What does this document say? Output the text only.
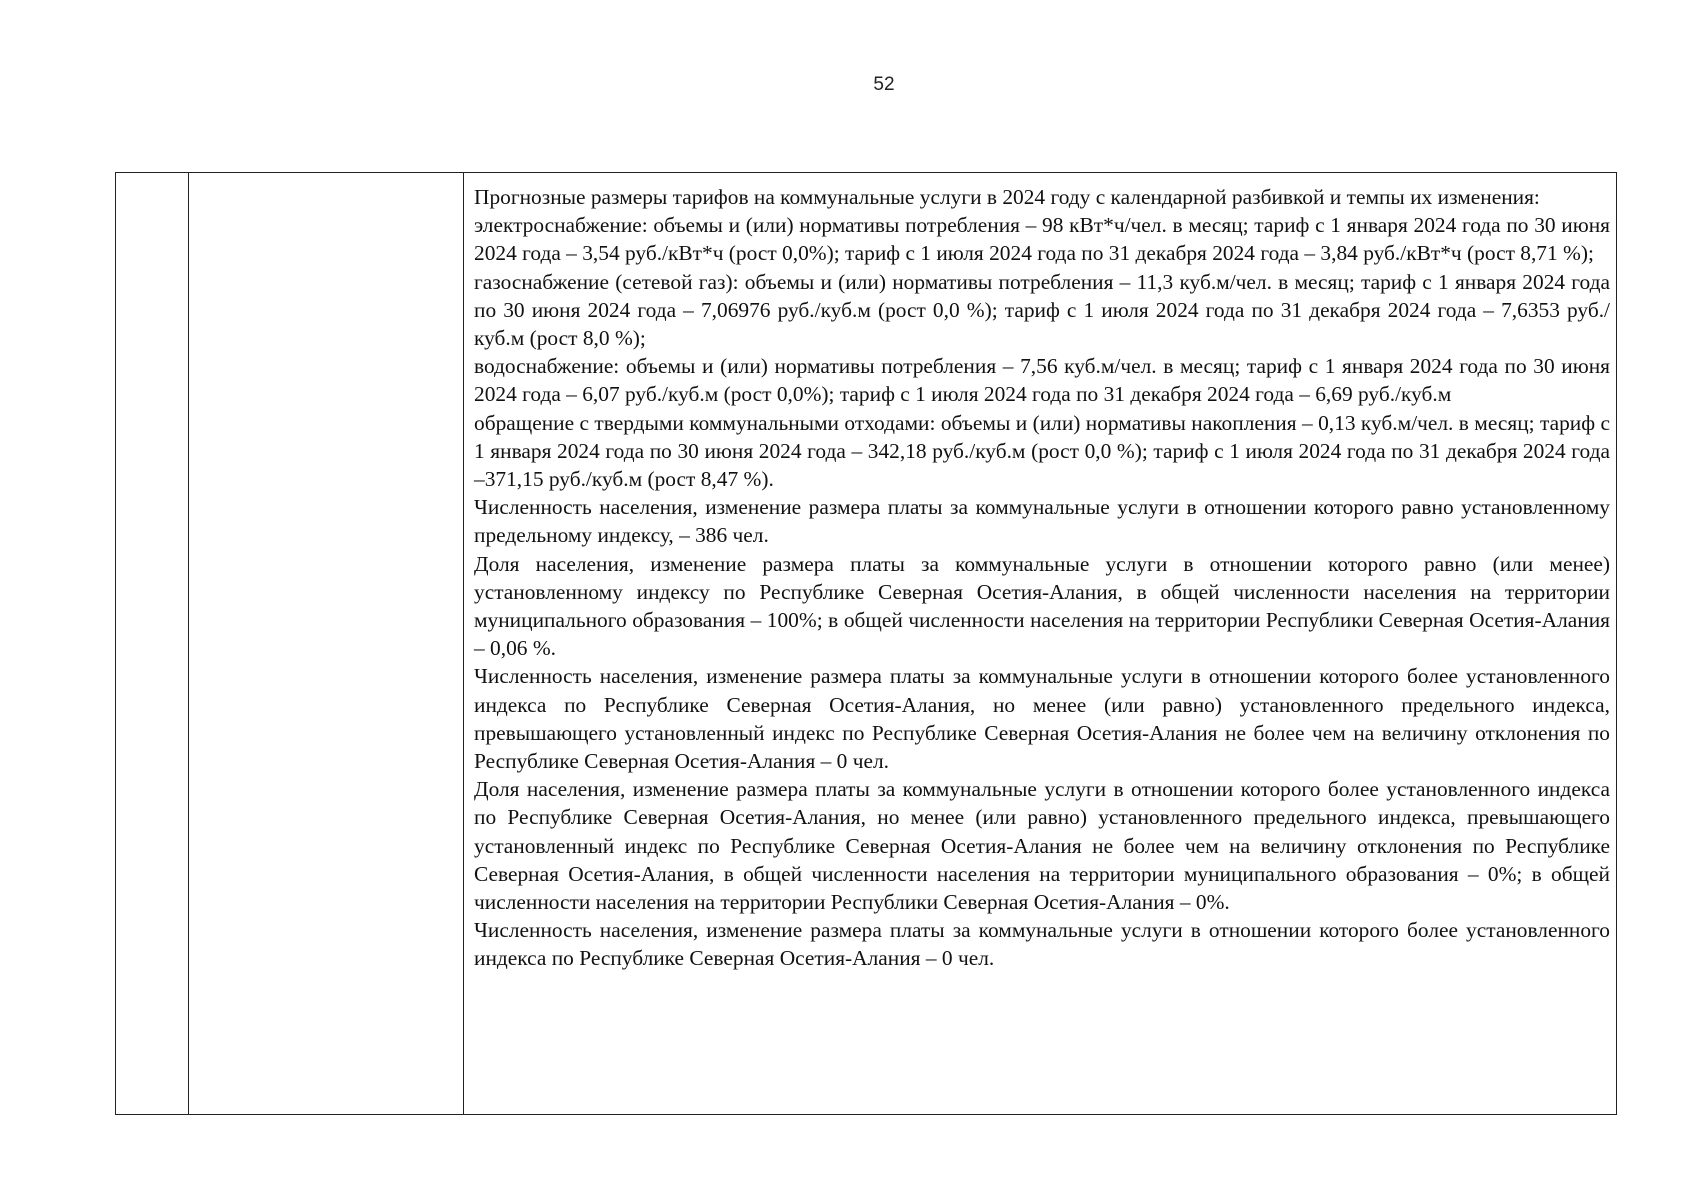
52

Прогнозные размеры тарифов на коммунальные услуги в 2024 году с календарной разбивкой и темпы их изменения:

электроснабжение: объемы и (или) нормативы потребления – 98 кВт*ч/чел. в месяц; тариф с 1 января 2024 года по 30 июня 2024 года – 3,54 руб./кВт*ч (рост 0,0%); тариф с 1 июля 2024 года по 31 декабря 2024 года – 3,84 руб./кВт*ч (рост 8,71 %);

газоснабжение (сетевой газ): объемы и (или) нормативы потребления – 11,3 куб.м/чел. в месяц; тариф с 1 января 2024 года по 30 июня 2024 года – 7,06976 руб./куб.м (рост 0,0 %); тариф с 1 июля 2024 года по 31 декабря 2024 года – 7,6353 руб./куб.м (рост 8,0 %);

водоснабжение: объемы и (или) нормативы потребления – 7,56 куб.м/чел. в месяц; тариф с 1 января 2024 года по 30 июня 2024 года – 6,07 руб./куб.м (рост 0,0%); тариф с 1 июля 2024 года по 31 декабря 2024 года – 6,69 руб./куб.м

обращение с твердыми коммунальными отходами: объемы и (или) нормативы накопления – 0,13 куб.м/чел. в месяц; тариф с 1 января 2024 года по 30 июня 2024 года – 342,18 руб./куб.м (рост 0,0 %); тариф с 1 июля 2024 года по 31 декабря 2024 года –371,15 руб./куб.м (рост 8,47 %).

Численность населения, изменение размера платы за коммунальные услуги в отношении которого равно установленному предельному индексу, – 386 чел.

Доля населения, изменение размера платы за коммунальные услуги в отношении которого равно (или менее) установленному индексу по Республике Северная Осетия-Алания, в общей численности населения на территории муниципального образования – 100%; в общей численности населения на территории Республики Северная Осетия-Алания – 0,06 %.

Численность населения, изменение размера платы за коммунальные услуги в отношении которого более установленного индекса по Республике Северная Осетия-Алания, но менее (или равно) установленного предельного индекса, превышающего установленный индекс по Республике Северная Осетия-Алания не более чем на величину отклонения по Республике Северная Осетия-Алания – 0 чел.

Доля населения, изменение размера платы за коммунальные услуги в отношении которого более установленного индекса по Республике Северная Осетия-Алания, но менее (или равно) установленного предельного индекса, превышающего установленный индекс по Республике Северная Осетия-Алания не более чем на величину отклонения по Республике Северная Осетия-Алания, в общей численности населения на территории муниципального образования – 0%; в общей численности населения на территории Республики Северная Осетия-Алания – 0%.

Численность населения, изменение размера платы за коммунальные услуги в отношении которого более установленного индекса по Республике Северная Осетия-Алания – 0 чел.
